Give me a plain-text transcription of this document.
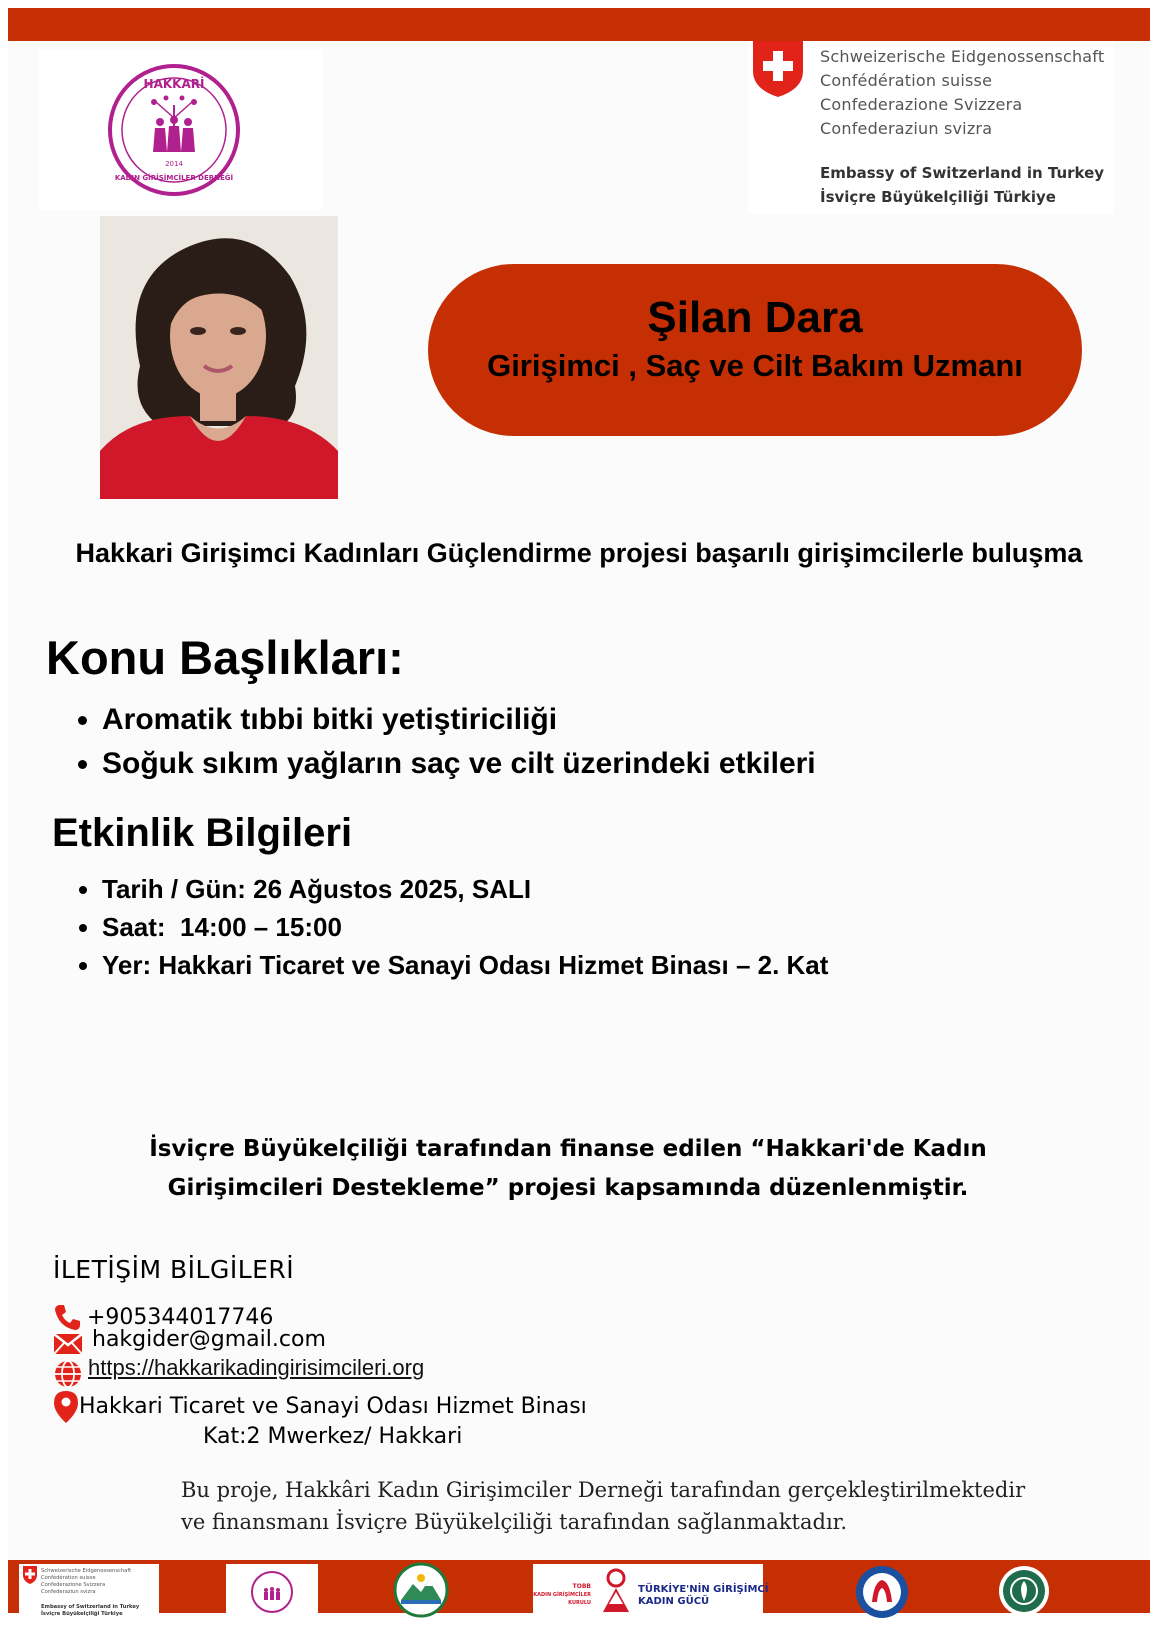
HAKKARİ
2014
KADIN GİRİŞİMCİLER DERNEĞİ
Schweizerische Eidgenossenschaft
Confédération suisse
Confederazione Svizzera
Confederaziun svizra
Embassy of Switzerland in Turkey
İsviçre Büyükelçiliği Türkiye
Şilan Dara
Girişimci , Saç ve Cilt Bakım Uzmanı
Hakkari Girişimci Kadınları Güçlendirme projesi başarılı girişimcilerle buluşma
Konu Başlıkları:
• Aromatik tıbbi bitki yetiştiriciliği
• Soğuk sıkım yağların saç ve cilt üzerindeki etkileri
Etkinlik Bilgileri
• Tarih / Gün: 26 Ağustos 2025, SALI
• Saat:  14:00 – 15:00
• Yer: Hakkari Ticaret ve Sanayi Odası Hizmet Binası – 2. Kat
İsviçre Büyükelçiliği tarafından finanse edilen “Hakkari'de Kadın
Girişimcileri Destekleme” projesi kapsamında düzenlenmiştir.
İLETİŞİM BİLGİLERİ
+905344017746
hakgider@gmail.com
https://hakkarikadingirisimcileri.org
Hakkari Ticaret ve Sanayi Odası Hizmet Binası
Kat:2 Mwerkez/ Hakkari
Bu proje, Hakkâri Kadın Girişimciler Derneği tarafından gerçekleştirilmektedir
ve finansmanı İsviçre Büyükelçiliği tarafından sağlanmaktadır.
Schweizerische Eidgenossenschaft
Confédération suisse
Confederazione Svizzera
Confederaziun svizra
Embassy of Switzerland in Turkey
İsviçre Büyükelçiliği Türkiye
TOBB
KADIN GİRİŞİMCİLER
KURULU
TÜRKİYE'NİN GİRİŞİMCİ
KADIN GÜCÜ
